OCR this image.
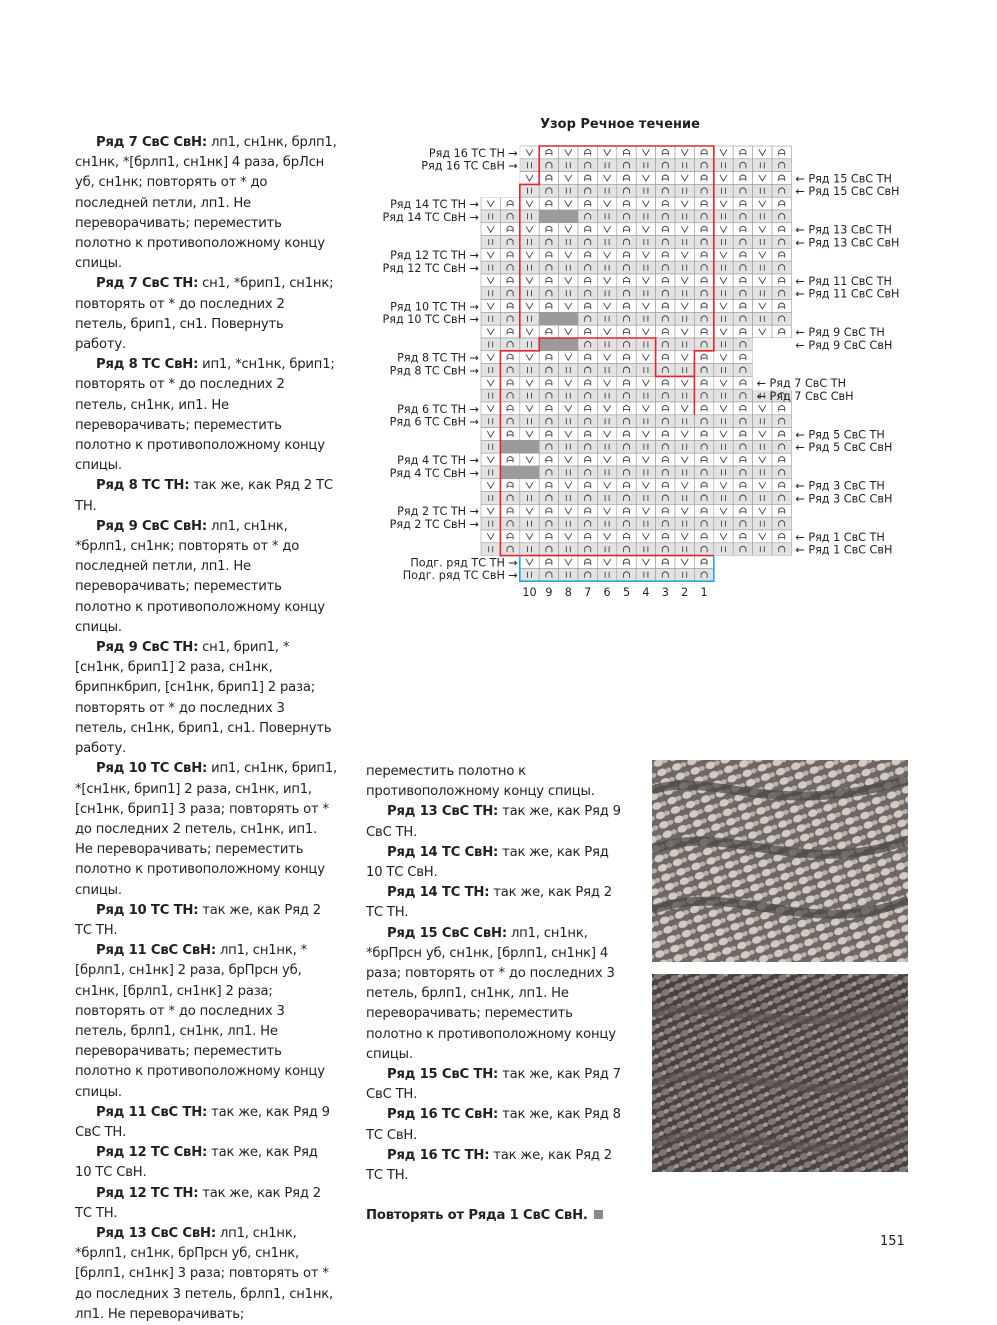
Ряд 7 СвС СвН: лп1, сн1нк, брлп1, сн1нк, *[брлп1, сн1нк] 4 раза, брЛсн уб, сн1нк; повторять от * до последней петли, лп1. Не переворачивать; переместить полотно к противоположному концу спицы.

Ряд 7 СвС ТН: сн1, *брип1, сн1нк; повторять от * до последних 2 петель, брип1, сн1. Повернуть работу.

Ряд 8 ТС СвН: ип1, *сн1нк, брип1; повторять от * до последних 2 петель, сн1нк, ип1. Не переворачивать; переместить полотно к противоположному концу спицы.

Ряд 8 ТС ТН: так же, как Ряд 2 ТС ТН.

Ряд 9 СвС СвН: лп1, сн1нк, *брлп1, сн1нк; повторять от * до последней петли, лп1. Не переворачивать; переместить полотно к противоположному концу спицы.

Ряд 9 СвС ТН: сн1, брип1, *[сн1нк, брип1] 2 раза, сн1нк, брипнкбрип, [сн1нк, брип1] 2 раза; повторять от * до последних 3 петель, сн1нк, брип1, сн1. Повернуть работу.

Ряд 10 ТС СвН: ип1, сн1нк, брип1, *[сн1нк, брип1] 2 раза, сн1нк, ип1, [сн1нк, брип1] 3 раза; повторять от * до последних 2 петель, сн1нк, ип1. Не переворачивать; переместить полотно к противоположному концу спицы.

Ряд 10 ТС ТН: так же, как Ряд 2 ТС ТН.

Ряд 11 СвС СвН: лп1, сн1нк, *[брлп1, сн1нк] 2 раза, брПрсн уб, сн1нк, [брлп1, сн1нк] 2 раза; повторять от * до последних 3 петель, брлп1, сн1нк, лп1. Не переворачивать; переместить полотно к противоположному концу спицы.

Ряд 11 СвС ТН: так же, как Ряд 9 СвС ТН.

Ряд 12 ТС СвН: так же, как Ряд 10 ТС СвН.

Ряд 12 ТС ТН: так же, как Ряд 2 ТС ТН.

Ряд 13 СвС СвН: лп1, сн1нк, *брлп1, сн1нк, брПрсн уб, сн1нк, [брлп1, сн1нк] 3 раза; повторять от * до последних 3 петель, брлп1, сн1нк, лп1. Не переворачивать;

переместить полотно к противоположному концу спицы.

Ряд 13 СвС ТН: так же, как Ряд 9 СвС ТН.

Ряд 14 ТС СвН: так же, как Ряд 10 ТС СвН.

Ряд 14 ТС ТН: так же, как Ряд 2 ТС ТН.

Ряд 15 СвС СвН: лп1, сн1нк, *брПрсн уб, сн1нк, [брлп1, сн1нк] 4 раза; повторять от * до последних 3 петель, брлп1, сн1нк, лп1. Не переворачивать; переместить полотно к противоположному концу спицы.

Ряд 15 СвС ТН: так же, как Ряд 7 СвС ТН.

Ряд 16 ТС СвН: так же, как Ряд 8 ТС СвН.

Ряд 16 ТС ТН: так же, как Ряд 2 ТС ТН.

Повторять от Ряда 1 СвС СвН.

Узор Речное течение
Ряд 16 ТС ТН →
Ряд 16 ТС СвН →
Ряд 14 ТС ТН →
Ряд 14 ТС СвН →
Ряд 12 ТС ТН →
Ряд 12 ТС СвН →
Ряд 10 ТС ТН →
Ряд 10 ТС СвН →
Ряд 8 ТС ТН →
Ряд 8 ТС СвН →
Ряд 6 ТС ТН →
Ряд 6 ТС СвН →
Ряд 4 ТС ТН →
Ряд 4 ТС СвН →
Ряд 2 ТС ТН →
Ряд 2 ТС СвН →
Подг. ряд ТС ТН →
Подг. ряд ТС СвН →
← Ряд 15 СвС ТН
← Ряд 15 СвС СвН
← Ряд 13 СвС ТН
← Ряд 13 СвС СвН
← Ряд 11 СвС ТН
← Ряд 11 СвС СвН
← Ряд 9 СвС ТН
← Ряд 9 СвС СвН
← Ряд 7 СвС ТН
← Ряд 7 СвС СвН
← Ряд 5 СвС ТН
← Ряд 5 СвС СвН
← Ряд 3 СвС ТН
← Ряд 3 СвС СвН
← Ряд 1 СвС ТН
← Ряд 1 СвС СвН
10 9 8 7 6 5 4 3 2 1
151
